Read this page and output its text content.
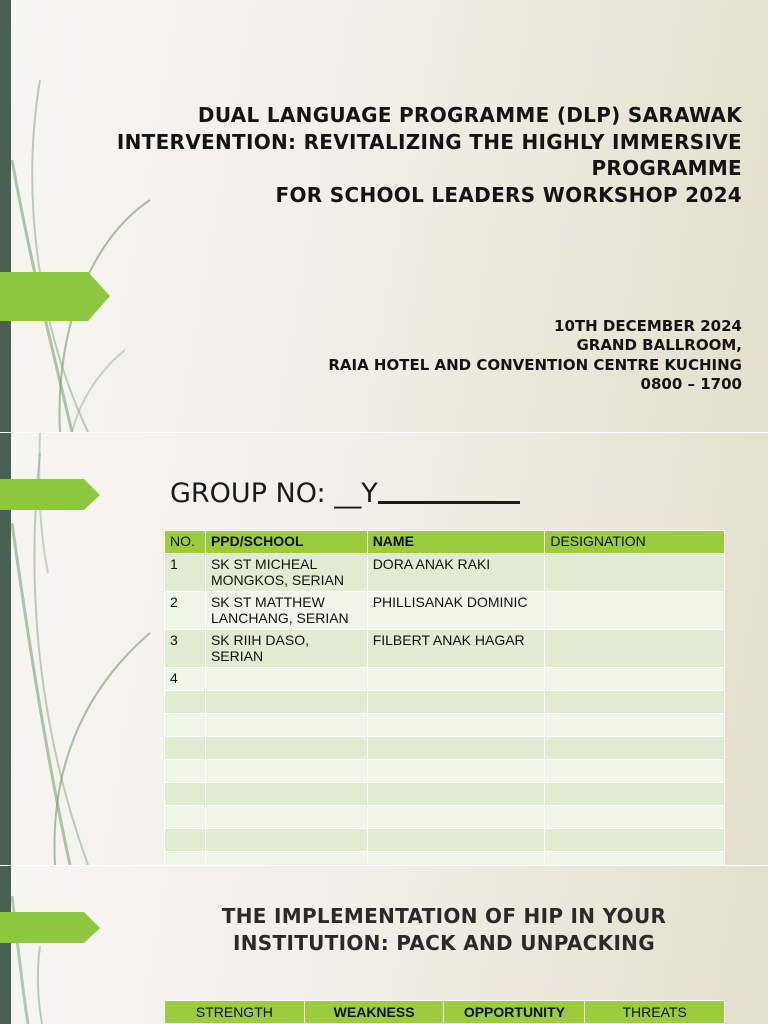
DUAL LANGUAGE PROGRAMME (DLP) SARAWAK
INTERVENTION: REVITALIZING THE HIGHLY IMMERSIVE
PROGRAMME
FOR SCHOOL LEADERS WORKSHOP 2024
10TH DECEMBER 2024
GRAND BALLROOM,
RAIA HOTEL AND CONVENTION CENTRE KUCHING
0800 – 1700
GROUP NO: __Y
NO.	PPD/SCHOOL	NAME	DESIGNATION
1	SK ST MICHEAL MONGKOS, SERIAN	DORA ANAK RAKI	
2	SK ST MATTHEW LANCHANG, SERIAN	PHILLISANAK DOMINIC	
3	SK RIIH DASO, SERIAN	FILBERT ANAK HAGAR	
4			

THE IMPLEMENTATION OF HIP IN YOUR
INSTITUTION: PACK AND UNPACKING
STRENGTH	WEAKNESS	OPPORTUNITY	THREATS
